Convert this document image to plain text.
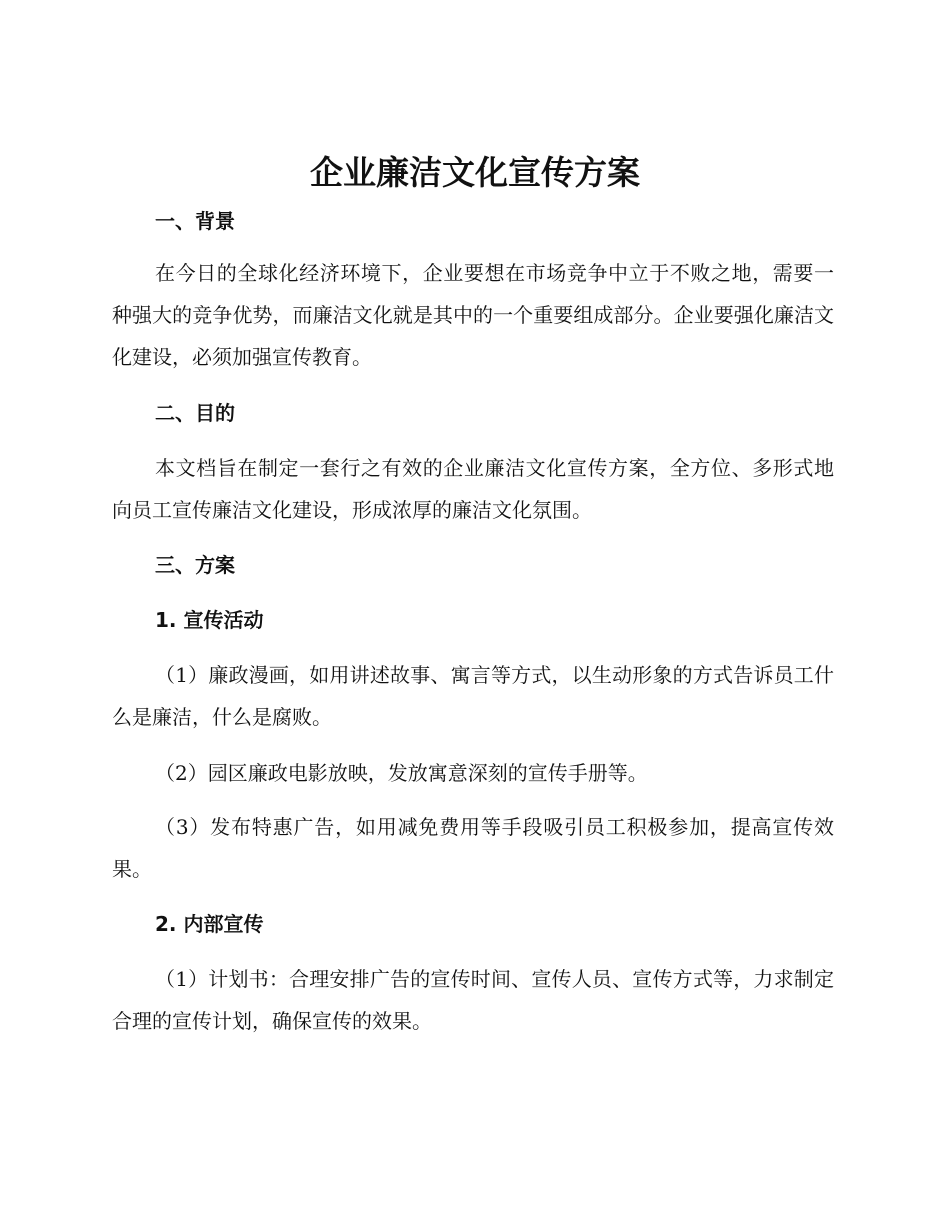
企业廉洁文化宣传方案
一、背景

在今日的全球化经济环境下，企业要想在市场竞争中立于不败之地，需要一种强大的竞争优势，而廉洁文化就是其中的一个重要组成部分。企业要强化廉洁文化建设，必须加强宣传教育。

二、目的

本文档旨在制定一套行之有效的企业廉洁文化宣传方案，全方位、多形式地向员工宣传廉洁文化建设，形成浓厚的廉洁文化氛围。

三、方案
1. 宣传活动

（1）廉政漫画，如用讲述故事、寓言等方式，以生动形象的方式告诉员工什么是廉洁，什么是腐败。

（2）园区廉政电影放映，发放寓意深刻的宣传手册等。

（3）发布特惠广告，如用减免费用等手段吸引员工积极参加，提高宣传效果。

2. 内部宣传

（1）计划书：合理安排广告的宣传时间、宣传人员、宣传方式等，力求制定合理的宣传计划，确保宣传的效果。
